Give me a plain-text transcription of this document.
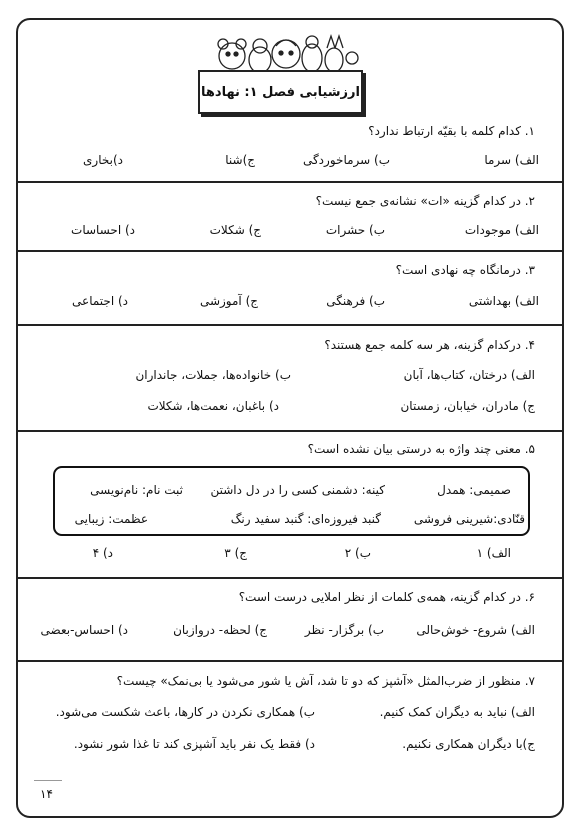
ارزشیابی فصل ۱: نهادها
۱. کدام کلمه با بقیّه ارتباط ندارد؟
الف) سرما
ب) سرماخوردگی
ج)شنا
د)بخاری
۲. در کدام گزینه «ات» نشانه‌ی جمع نیست؟
الف) موجودات
ب) حشرات
ج) شکلات
د) احساسات
۳. درمانگاه چه نهادی است؟
الف) بهداشتی
ب) فرهنگی
ج) آموزشی
د) اجتماعی
۴. درکدام گزینه، هر سه کلمه جمع هستند؟
الف) درختان، کتاب‌ها، آبان
ب) خانواده‌ها، جملات، جانداران
ج) مادران، خیابان، زمستان
د) باغبان، نعمت‌ها، شکلات
۵. معنی چند واژه به درستی بیان نشده است؟
صمیمی: همدل
کینه: دشمنی کسی را در دل داشتن
ثبت نام: نام‌نویسی
قنّادی:شیرینی فروشی
گنبد فیروزه‌ای: گنبد سفید رنگ
عظمت: زیبایی
الف) ۱
ب) ۲
ج) ۳
د) ۴
۶. در کدام گزینه، همه‌ی کلمات از نظر املایی درست است؟
الف) شروع- خوش‌حالی
ب) برگزار- نظر
ج) لحظه- دروازبان
د) احساس-بعضی
۷. منظور از ضرب‌المثل «آشپز که دو تا شد، آش یا شور می‌شود یا بی‌نمک» چیست؟
الف) نباید به دیگران کمک کنیم.
ب) همکاری نکردن در کارها، باعث شکست می‌شود.
ج)با دیگران همکاری نکنیم.
د) فقط یک نفر باید آشپزی کند تا غذا شور نشود.
۱۴
